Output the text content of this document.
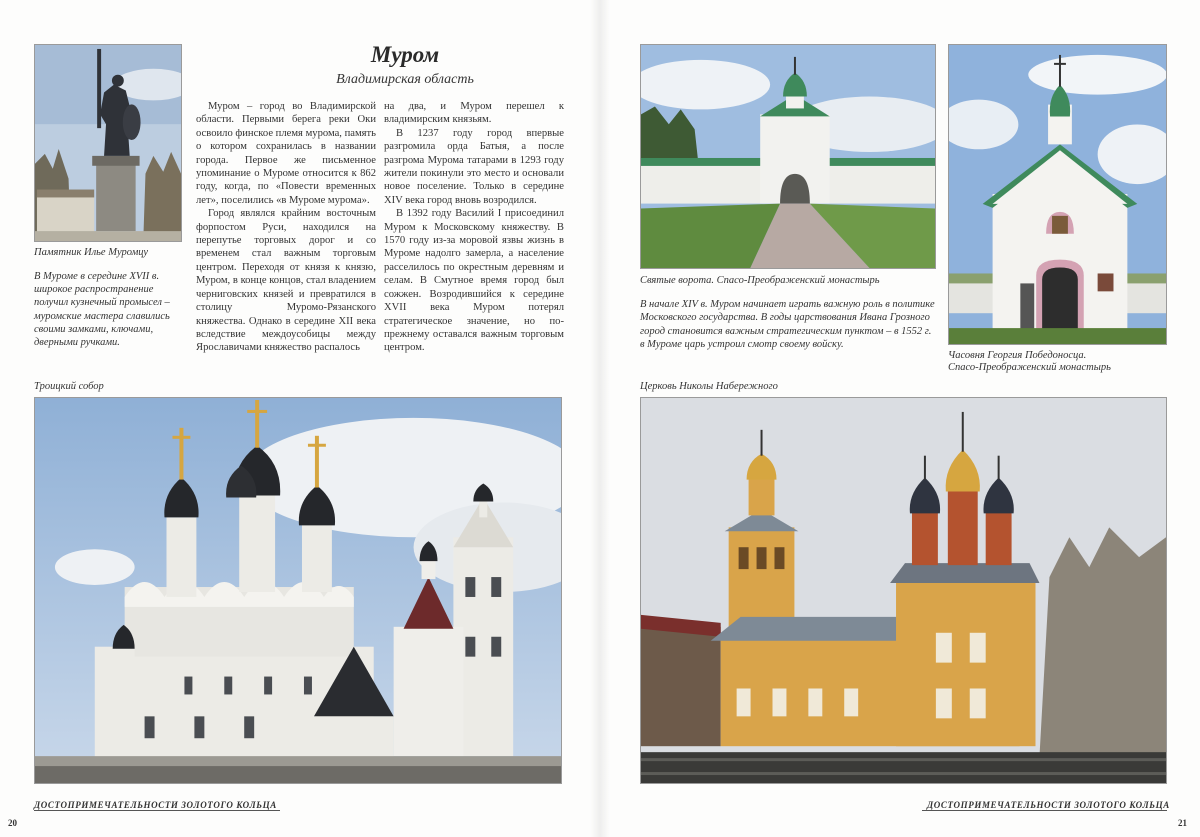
Памятник Илье Муромцу
В Муроме в середине XVII в. широкое распространение получил кузнечный промысел – муромские мастера славились своими замками, ключами, дверными ручками.
Муром
Владимирская область

Муром – город во Владимирской области. Первыми берега реки Оки освоило финское племя мурома, память о котором сохранилась в названии города. Первое же письменное упоминание о Муроме относится к 862 году, когда, по «Повести временных лет», поселились «в Муроме мурома».

Город являлся крайним восточным форпостом Руси, находился на перепутье торговых дорог и со временем стал важным торговым центром. Переходя от князя к князю, Муром, в конце концов, стал владением черниговских князей и превратился в столицу Муромо-Рязанского княжества. Однако в середине XII века вследствие междоусобицы между Ярославичами княжество распалось

на два, и Муром перешел к владимирским князьям.

В 1237 году город впервые разгромила орда Батыя, а после разгрома Мурома татарами в 1293 году жители покинули это место и основали новое поселение. Только в середине XIV века город вновь возродился.

В 1392 году Василий I присоединил Муром к Московскому княжеству. В 1570 году из-за моровой язвы жизнь в Муроме надолго замерла, а население расселилось по окрестным деревням и селам. В Смутное время город был сожжен. Возродившийся к середине XVII века Муром потерял стратегическое значение, но по-прежнему оставался важным торговым центром.

Троицкий собор
ДОСТОПРИМЕЧАТЕЛЬНОСТИ ЗОЛОТОГО КОЛЬЦА
20
Святые ворота. Спасо-Преображенский монастырь
В начале XIV в. Муром начинает играть важную роль в политике Московского государства. В годы царствования Ивана Грозного город становится важным стратегическим пунктом – в 1552 г. в Муроме царь устроил смотр своему войску.
Часовня Георгия Победоносца.
Спасо-Преображенский монастырь
Церковь Николы Набережного
ДОСТОПРИМЕЧАТЕЛЬНОСТИ ЗОЛОТОГО КОЛЬЦА
21
